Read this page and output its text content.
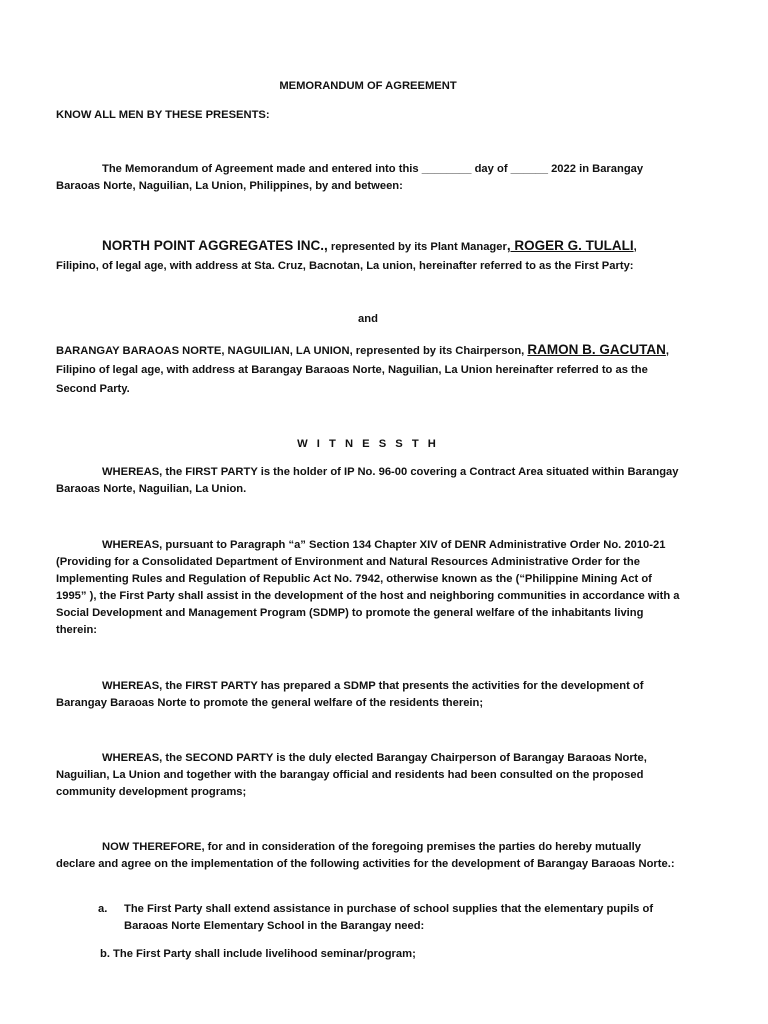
MEMORANDUM OF AGREEMENT
KNOW ALL MEN BY THESE PRESENTS:
The Memorandum of Agreement made and entered into this ________ day of ______ 2022 in Barangay Baraoas Norte, Naguilian, La Union, Philippines, by and between:
NORTH POINT AGGREGATES INC., represented by its Plant Manager, ROGER G. TULALI, Filipino, of legal age, with address at Sta. Cruz, Bacnotan, La union, hereinafter referred to as the First Party:
and
BARANGAY BARAOAS NORTE, NAGUILIAN, LA UNION, represented by its Chairperson, RAMON B. GACUTAN, Filipino of legal age, with address at Barangay Baraoas Norte, Naguilian, La Union hereinafter referred to as the Second Party.
W I T N E S S T H
WHEREAS, the FIRST PARTY is the holder of IP No. 96-00 covering a Contract Area situated within Barangay Baraoas Norte, Naguilian, La Union.
WHEREAS, pursuant to Paragraph “a” Section 134 Chapter XIV of DENR Administrative Order No. 2010-21 (Providing for a Consolidated Department of Environment and Natural Resources Administrative Order for the Implementing Rules and Regulation of Republic Act No. 7942, otherwise known as the (“Philippine Mining Act of 1995” ), the First Party shall assist in the development of the host and neighboring communities in accordance with a Social Development and Management Program (SDMP) to promote the general welfare of the inhabitants living therein:
WHEREAS, the FIRST PARTY has prepared a SDMP that presents the activities for the development of Barangay Baraoas Norte to promote the general welfare of the residents therein;
WHEREAS, the SECOND PARTY is the duly elected Barangay Chairperson of Barangay Baraoas Norte, Naguilian, La Union and together with the barangay official and residents had been consulted on the proposed community development programs;
NOW THEREFORE, for and in consideration of the foregoing premises the parties do hereby mutually declare and agree on the implementation of the following activities for the development of Barangay Baraoas Norte.:
a. The First Party shall extend assistance in purchase of school supplies that the elementary pupils of Baraoas Norte Elementary School in the Barangay need:
b. The First Party shall include livelihood seminar/program;
